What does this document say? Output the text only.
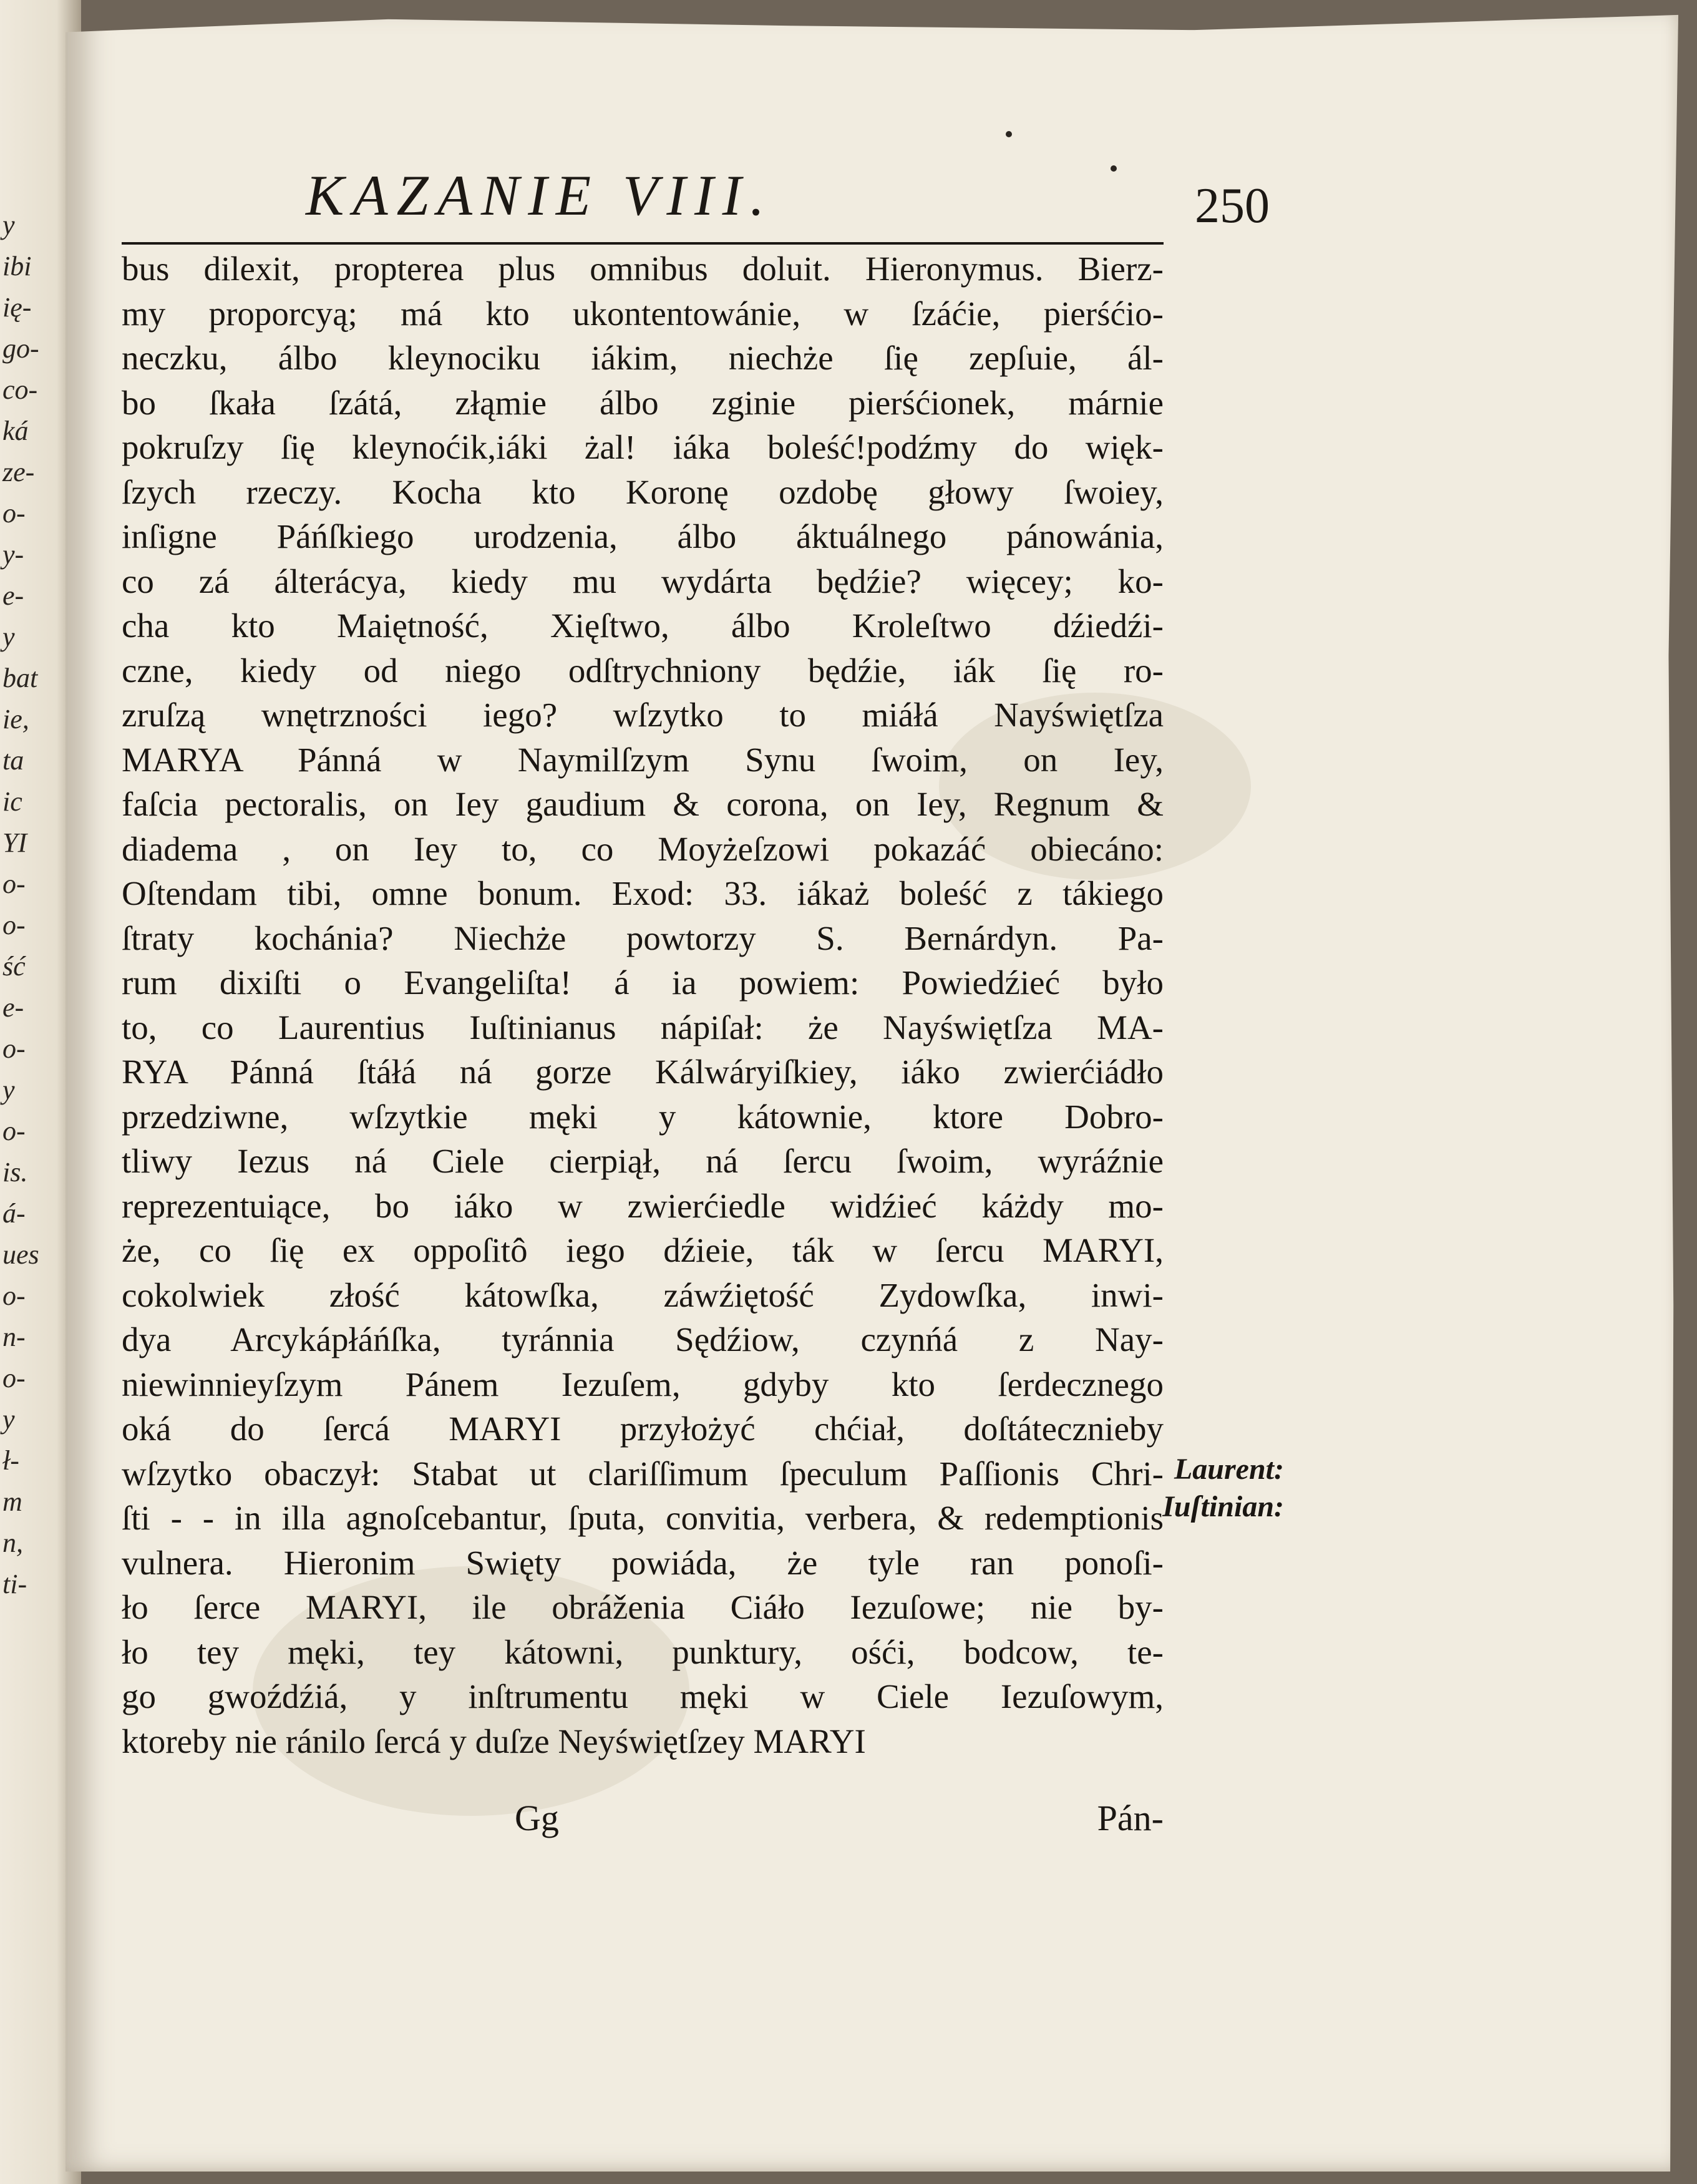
y
ibi
ię-
go-
co-
ká
ze-
o-
y-
e-
y
bat
ie,
ta
ic
YI
o-
o-
ść
e-
o-
y
o-
is.
á-
ues
o-
n-
o-
y
ł-
m
n,
ti-
KAZANIE VIII.	250
bus dilexit, propterea plus omnibus doluit. Hieronymus. Bierz-
my proporcyą; má kto ukontentowánie, w ſzáćie, pierśćio-
neczku, álbo kleynociku iákim, niechże ſię zepſuie, ál-
bo ſkała ſzátá, złąmie álbo zginie pierśćionek, márnie
pokruſzy ſię kleynoćik,iáki żal! iáka boleść!podźmy do więk-
ſzych rzeczy. Kocha kto Koronę ozdobę głowy ſwoiey,
inſigne Páńſkiego urodzenia, álbo áktuálnego pánowánia,
co zá álterácya, kiedy mu wydárta będźie? więcey; ko-
cha kto Maiętność, Xięſtwo, álbo Kroleſtwo dźiedźi-
czne, kiedy od niego odſtrychniony będźie, iák ſię ro-
zruſzą wnętrzności iego? wſzytko to miáłá Nayświętſza
MARYA Pánná w Naymilſzym Synu ſwoim, on Iey,
faſcia pectoralis, on Iey gaudium & corona, on Iey, Regnum &
diadema , on Iey to, co Moyżeſzowi pokazáć obiecáno:
Oſtendam tibi, omne bonum. Exod: 33. iákaż boleść z tákiego
ſtraty kochánia? Niechże powtorzy S. Bernárdyn. Pa-
rum dixiſti o Evangeliſta! á ia powiem: Powiedźieć było
to, co Laurentius Iuſtinianus nápiſał: że Nayświętſza MA-
RYA Pánná ſtáłá ná gorze Kálwáryiſkiey, iáko zwierćiádło
przedziwne, wſzytkie męki y kátownie, ktore Dobro-
tliwy Iezus ná Ciele cierpiął, ná ſercu ſwoim, wyráźnie
reprezentuiące, bo iáko w zwierćiedle widźieć káżdy mo-
że, co ſię ex oppoſitô iego dźieie, ták w ſercu MARYI,
cokolwiek złość kátowſka, záwźiętość Zydowſka, inwi-
dya Arcykápłáńſka, tyránnia Sędźiow, czynńá z Nay-
niewinnieyſzym Pánem Iezuſem, gdyby kto ſerdecznego
oká do ſercá MARYI przyłożyć chćiał, doſtátecznieby
wſzytko obaczył: Stabat ut clariſſimum ſpeculum Paſſionis Chri-
ſti - - in illa agnoſcebantur, ſputa, convitia, verbera, & redemptionis
vulnera. Hieronim Swięty powiáda, że tyle ran ponoſi-
ło ſerce MARYI, ile obráženia Ciáło Iezuſowe; nie by-
ło tey męki, tey kátowni, punktury, ośći, bodcow, te-
go gwoźdźiá, y inſtrumentu męki w Ciele Iezuſowym,
ktoreby nie ránilo ſercá y duſze Neyświętſzey MARYI
Laurent:
Iuſtinian:
Gg	Pán-
